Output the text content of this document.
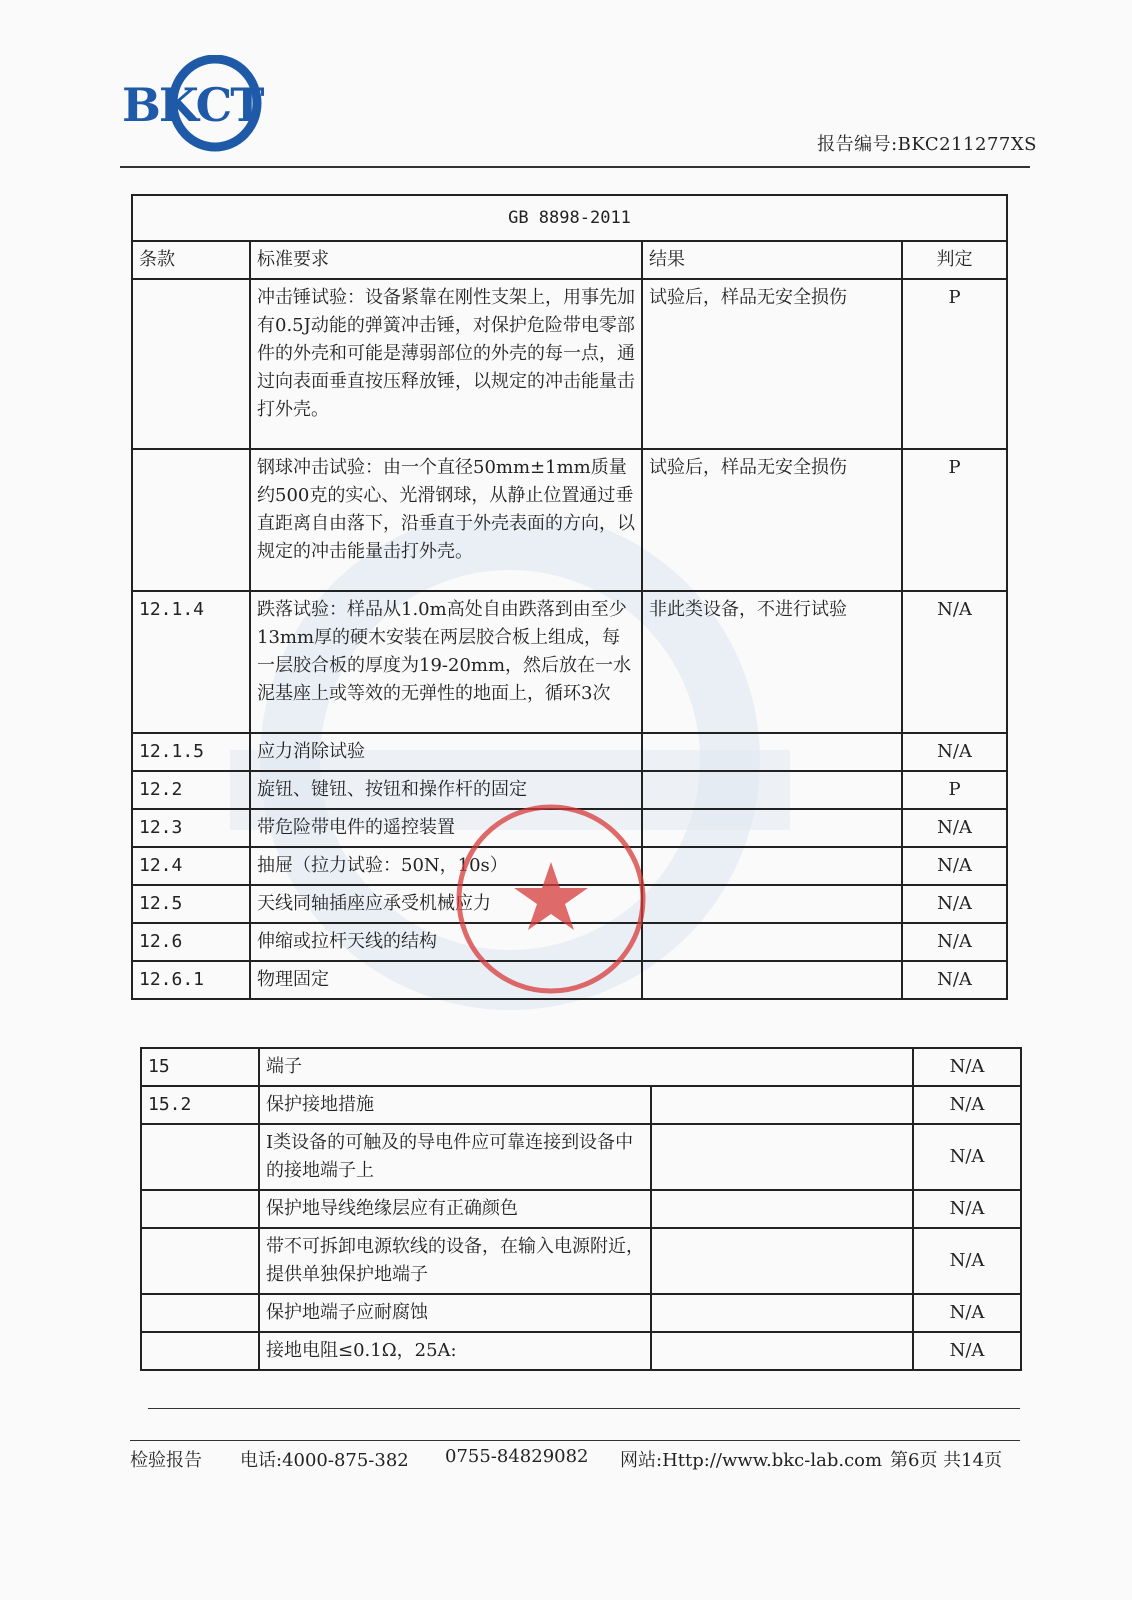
BKCT
报告编号:BKC211277XS
GB 8898-2011			
条款	标准要求	结果	判定
	冲击锤试验：设备紧靠在刚性支架上，用事先加有0.5J动能的弹簧冲击锤，对保护危险带电零部件的外壳和可能是薄弱部位的外壳的每一点，通过向表面垂直按压释放锤，以规定的冲击能量击打外壳。	试验后，样品无安全损伤	P
	钢球冲击试验：由一个直径50mm±1mm质量约500克的实心、光滑钢球，从静止位置通过垂直距离自由落下，沿垂直于外壳表面的方向，以规定的冲击能量击打外壳。	试验后，样品无安全损伤	P
12.1.4	跌落试验：样品从1.0m高处自由跌落到由至少13mm厚的硬木安装在两层胶合板上组成，每一层胶合板的厚度为19-20mm，然后放在一水泥基座上或等效的无弹性的地面上，循环3次	非此类设备，不进行试验	N/A
12.1.5	应力消除试验		N/A
12.2	旋钮、键钮、按钮和操作杆的固定		P
12.3	带危险带电件的遥控装置		N/A
12.4	抽屉（拉力试验：50N，10s）		N/A
12.5	天线同轴插座应承受机械应力		N/A
12.6	伸缩或拉杆天线的结构		N/A
12.6.1	物理固定		N/A
15	端子		N/A
15.2	保护接地措施		N/A
	Ⅰ类设备的可触及的导电件应可靠连接到设备中的接地端子上		N/A
	保护地导线绝缘层应有正确颜色		N/A
	带不可拆卸电源软线的设备，在输入电源附近，提供单独保护地端子		N/A
	保护地端子应耐腐蚀		N/A
	接地电阻≤0.1Ω，25A:		N/A
检验报告 电话:4000-875-382 0755-84829082 网站:Http://www.bkc-lab.com 第6页 共14页
